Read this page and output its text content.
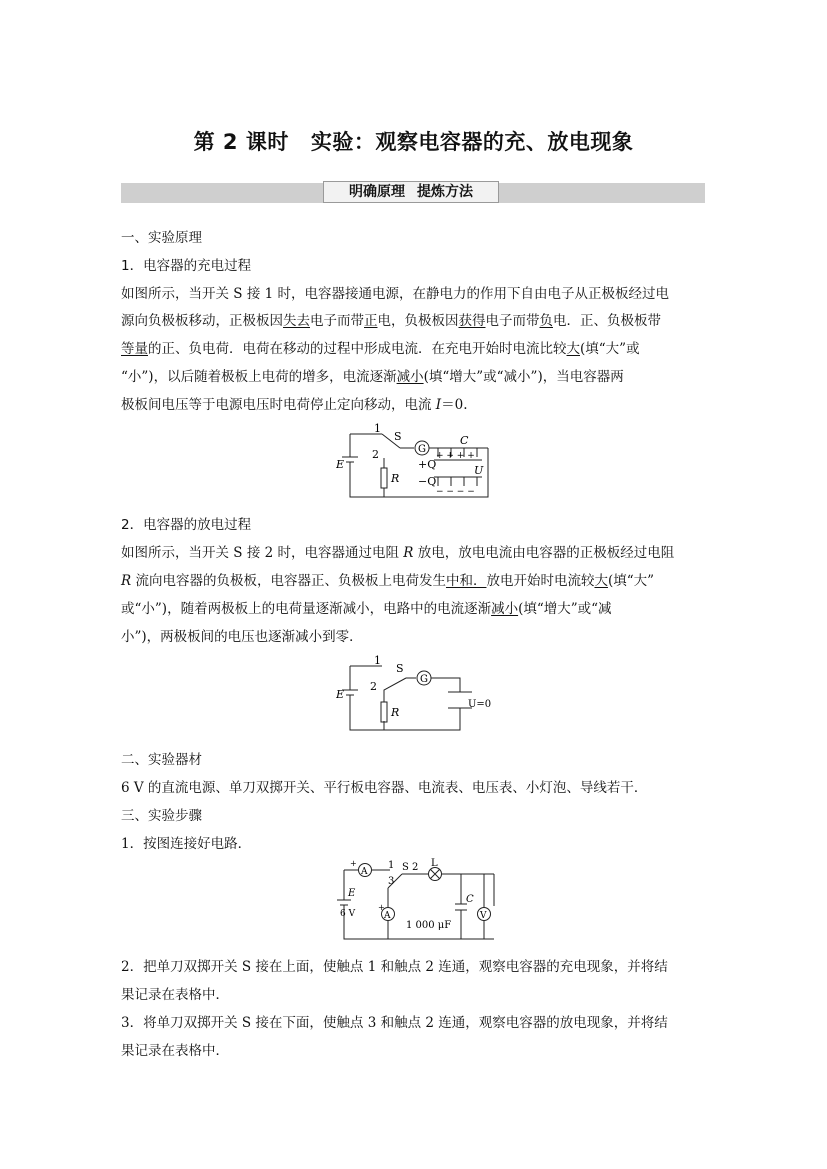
第 2 课时 实验：观察电容器的充、放电现象
明确原理 提炼方法
一、实验原理
1．电容器的充电过程
如图所示，当开关 S 接 1 时，电容器接通电源，在静电力的作用下自由电子从正极板经过电
源向负极板移动，正极板因失去电子而带正电，负极板因获得电子而带负电．正、负极板带
等量的正、负电荷．电荷在移动的过程中形成电流．在充电开始时电流比较大(填“大”或
“小”)，以后随着极板上电荷的增多，电流逐渐减小(填“增大”或“减小”)，当电容器两
极板间电压等于电源电压时电荷停止定向移动，电流 I＝0.
1
2
S
G
C
E
R
+Q
−Q
+ + + +
− − − −
U
2．电容器的放电过程
如图所示，当开关 S 接 2 时，电容器通过电阻 R 放电，放电电流由电容器的正极板经过电阻
R 流向电容器的负极板，电容器正、负极板上电荷发生中和．放电开始时电流较大(填“大”
或“小”)，随着两极板上的电荷量逐渐减小，电路中的电流逐渐减小(填“增大”或“减
小”)，两极板间的电压也逐渐减小到零．
1
2
S
G
E
R
U=0
二、实验器材
6 V 的直流电源、单刀双掷开关、平行板电容器、电流表、电压表、小灯泡、导线若干．
三、实验步骤
1．按图连接好电路．
A
A	V
+
+
E
6 V
1
3
S 2 L
C
1 000 μF
2．把单刀双掷开关 S 接在上面，使触点 1 和触点 2 连通，观察电容器的充电现象，并将结
果记录在表格中．
3．将单刀双掷开关 S 接在下面，使触点 3 和触点 2 连通，观察电容器的放电现象，并将结
果记录在表格中．
